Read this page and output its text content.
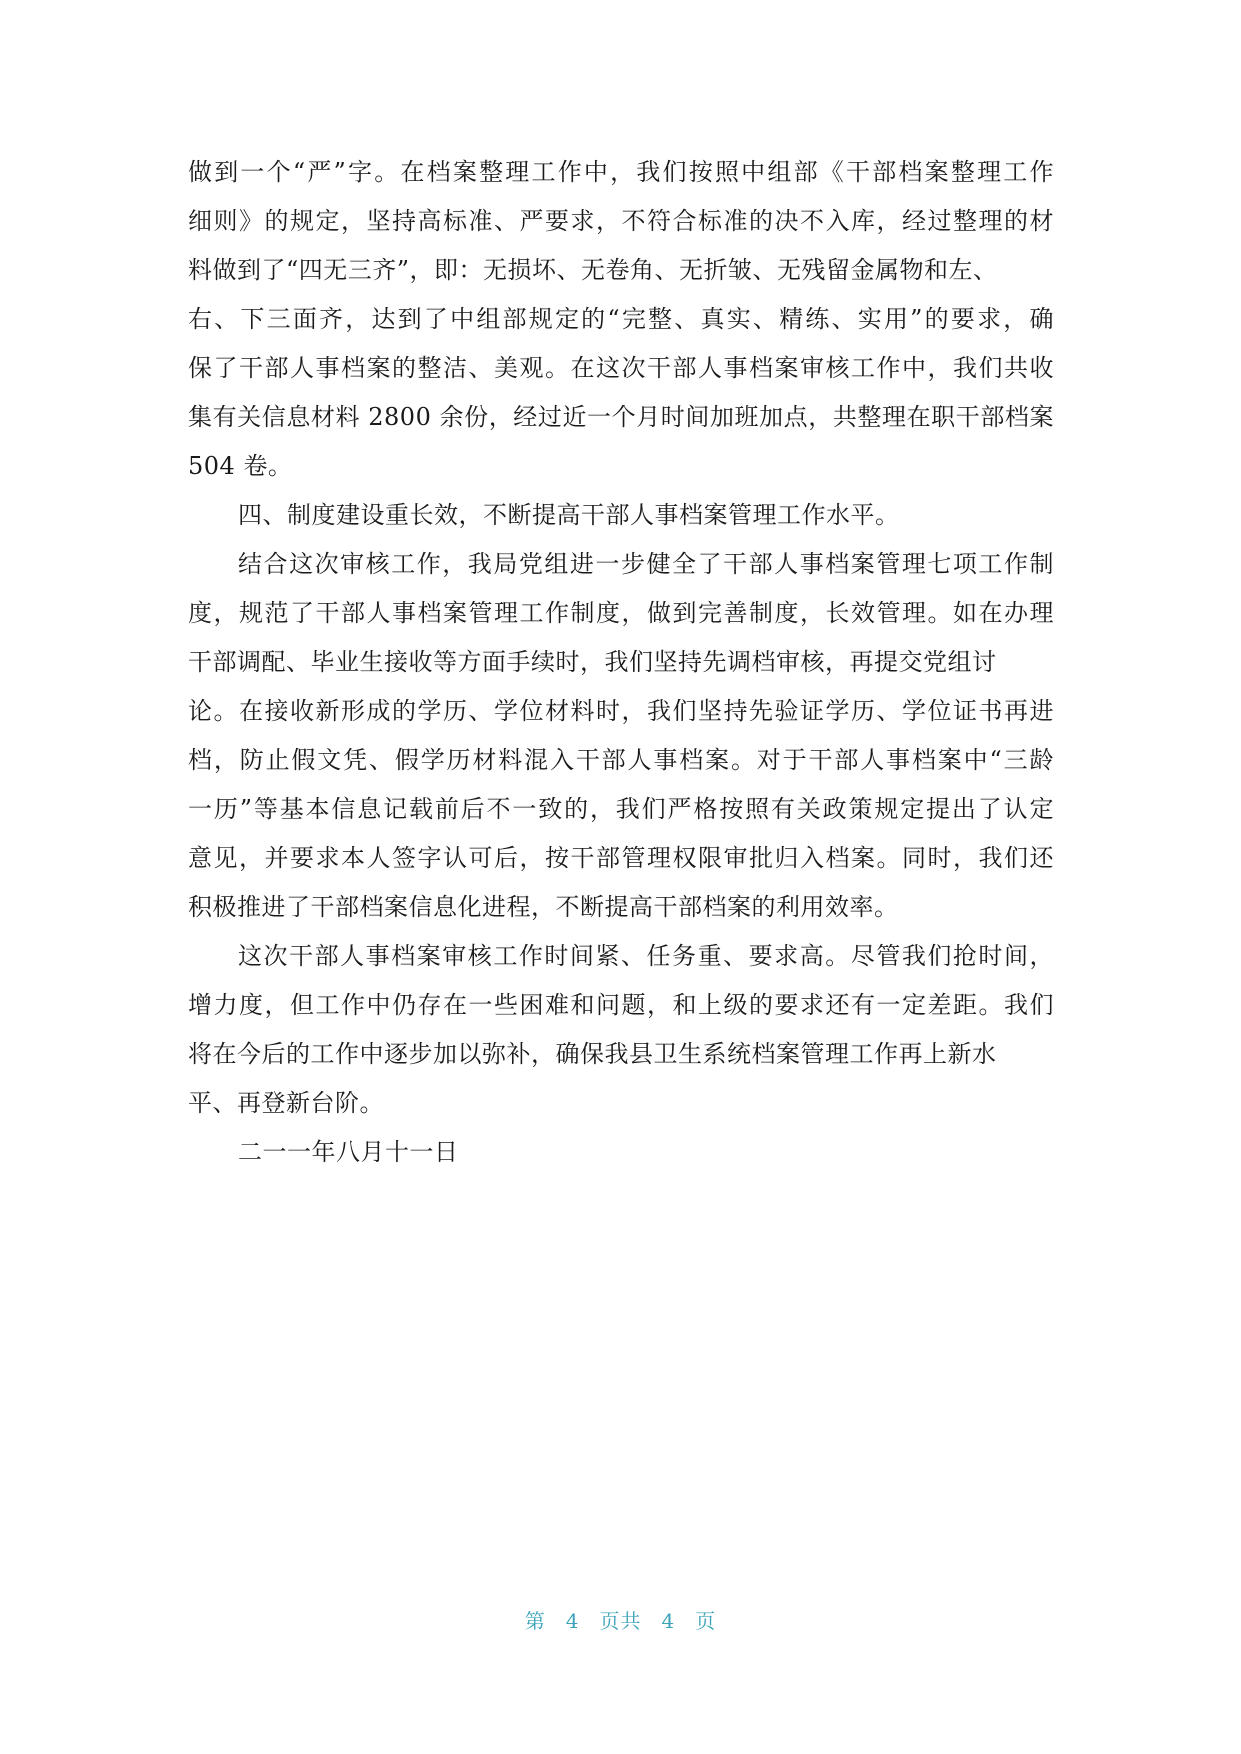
做到一个“严”字。在档案整理工作中，我们按照中组部《干部档案整理工作
细则》的规定，坚持高标准、严要求，不符合标准的决不入库，经过整理的材
料做到了“四无三齐”，即：无损坏、无卷角、无折皱、无残留金属物和左、
右、下三面齐，达到了中组部规定的“完整、真实、精练、实用”的要求，确
保了干部人事档案的整洁、美观。在这次干部人事档案审核工作中，我们共收
集有关信息材料 2800 余份，经过近一个月时间加班加点，共整理在职干部档案
504 卷。
四、制度建设重长效，不断提高干部人事档案管理工作水平。
结合这次审核工作，我局党组进一步健全了干部人事档案管理七项工作制
度，规范了干部人事档案管理工作制度，做到完善制度，长效管理。如在办理
干部调配、毕业生接收等方面手续时，我们坚持先调档审核，再提交党组讨
论。在接收新形成的学历、学位材料时，我们坚持先验证学历、学位证书再进
档，防止假文凭、假学历材料混入干部人事档案。对于干部人事档案中“三龄
一历”等基本信息记载前后不一致的，我们严格按照有关政策规定提出了认定
意见，并要求本人签字认可后，按干部管理权限审批归入档案。同时，我们还
积极推进了干部档案信息化进程，不断提高干部档案的利用效率。
这次干部人事档案审核工作时间紧、任务重、要求高。尽管我们抢时间，
增力度，但工作中仍存在一些困难和问题，和上级的要求还有一定差距。我们
将在今后的工作中逐步加以弥补，确保我县卫生系统档案管理工作再上新水
平、再登新台阶。
二一一年八月十一日
第 4 页共 4 页
